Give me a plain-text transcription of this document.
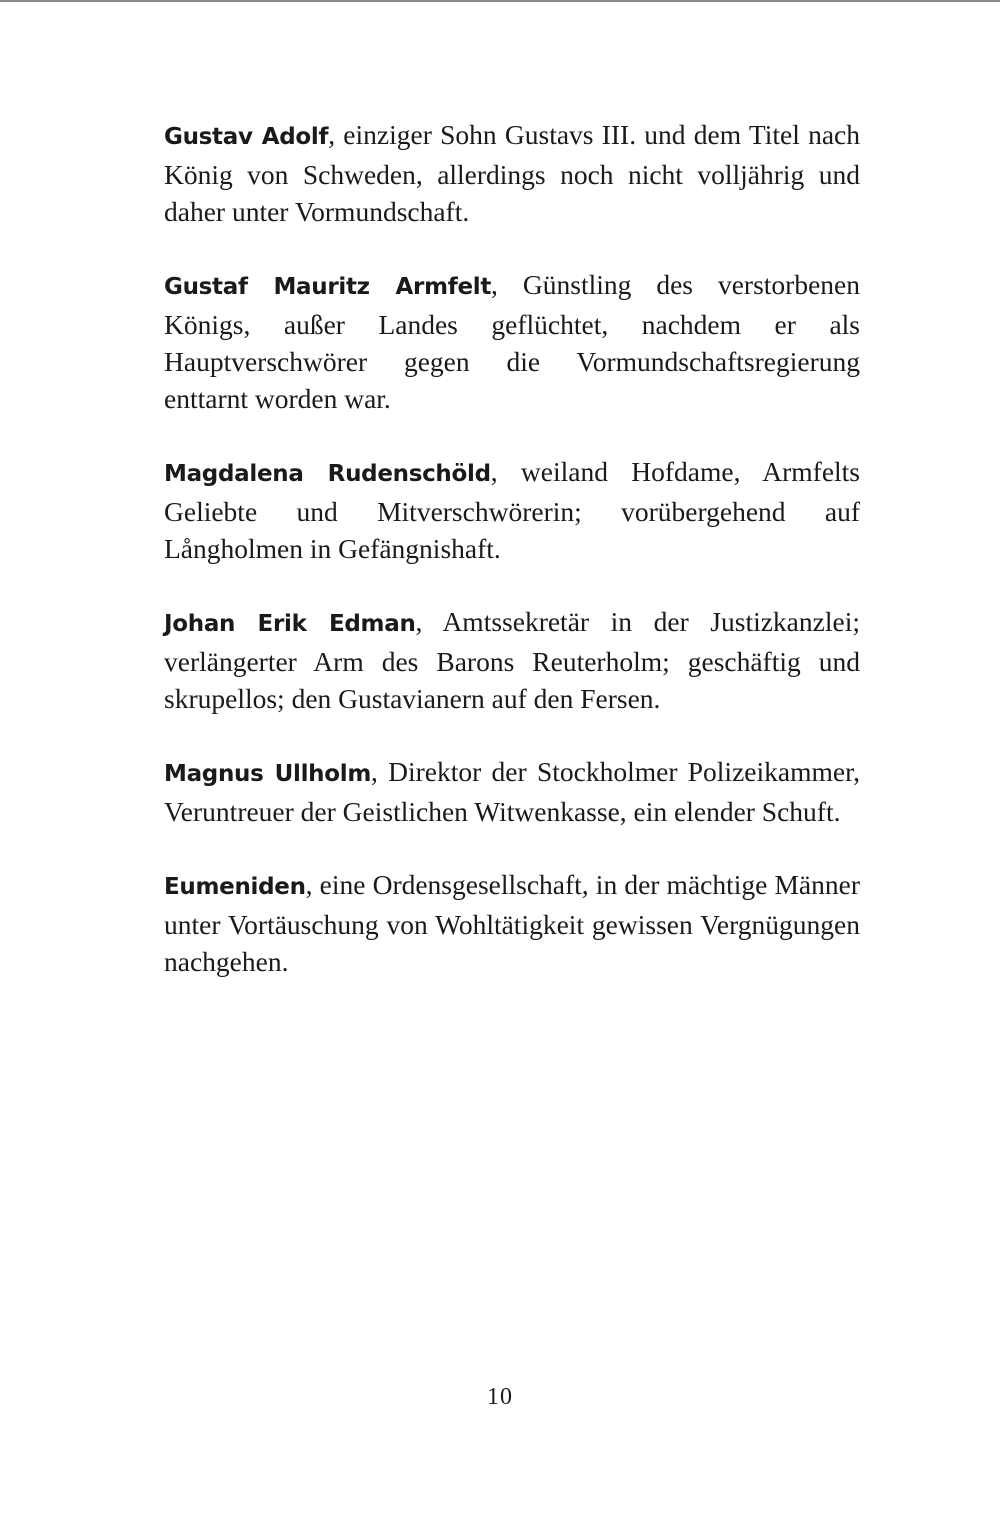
Gustav Adolf, einziger Sohn Gustavs III. und dem Titel nach König von Schweden, allerdings noch nicht volljährig und daher unter Vormundschaft.

Gustaf Mauritz Armfelt, Günstling des verstorbenen Königs, außer Landes geflüchtet, nachdem er als Hauptverschwörer gegen die Vormundschaftsregierung enttarnt worden war.

Magdalena Rudenschöld, weiland Hofdame, Armfelts Geliebte und Mitverschwörerin; vorübergehend auf Långholmen in Gefängnishaft.

Johan Erik Edman, Amtssekretär in der Justizkanzlei; verlängerter Arm des Barons Reuterholm; geschäftig und skrupellos; den Gustavianern auf den Fersen.

Magnus Ullholm, Direktor der Stockholmer Polizeikammer, Veruntreuer der Geistlichen Witwenkasse, ein elender Schuft.

Eumeniden, eine Ordensgesellschaft, in der mächtige Männer unter Vortäuschung von Wohltätigkeit gewissen Vergnügungen nachgehen.

10
